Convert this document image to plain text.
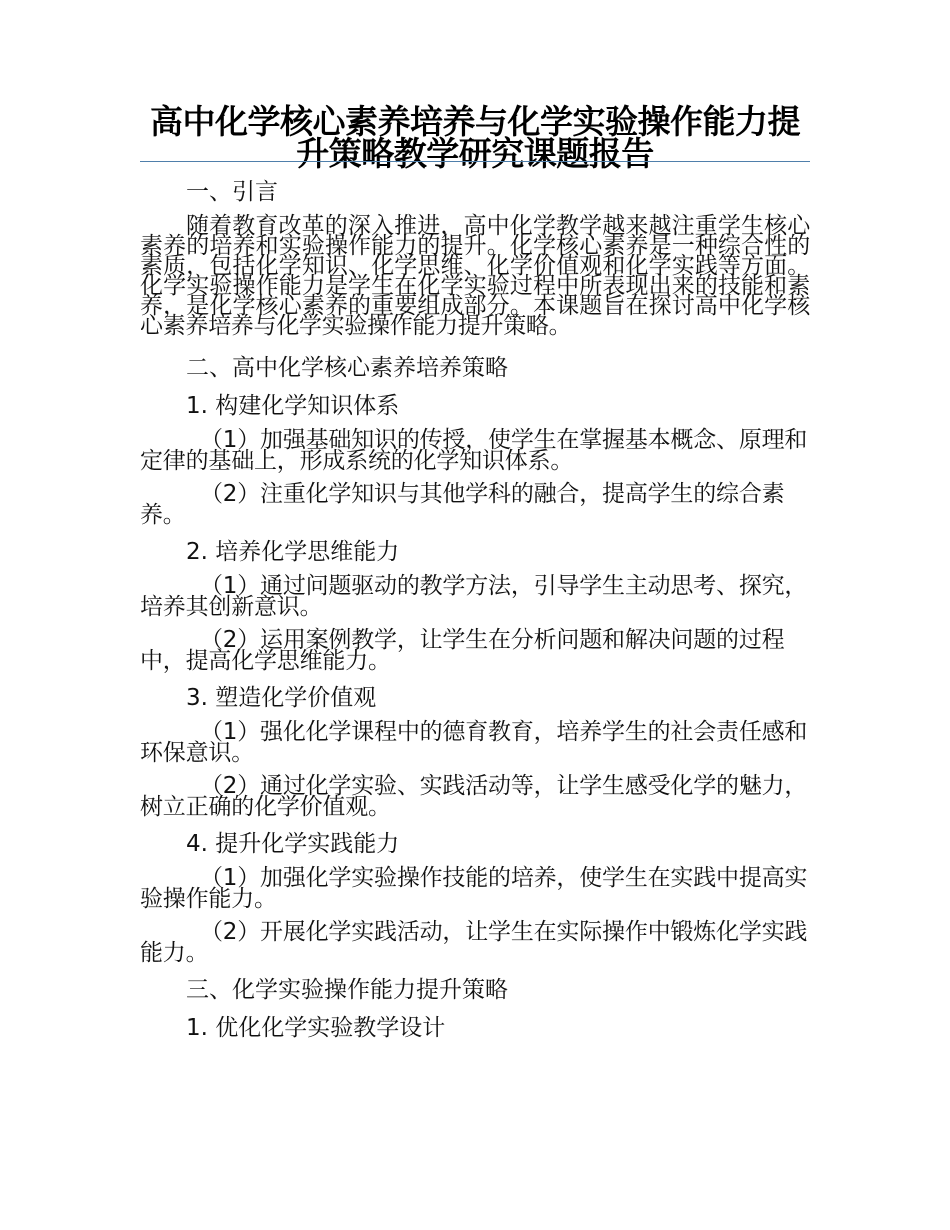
高中化学核心素养培养与化学实验操作能力提升策略教学研究课题报告
一、引言

随着教育改革的深入推进，高中化学教学越来越注重学生核心素养的培养和实验操作能力的提升。化学核心素养是一种综合性的素质，包括化学知识、化学思维、化学价值观和化学实践等方面。化学实验操作能力是学生在化学实验过程中所表现出来的技能和素养，是化学核心素养的重要组成部分。本课题旨在探讨高中化学核心素养培养与化学实验操作能力提升策略。

二、高中化学核心素养培养策略
1. 构建化学知识体系

（1）加强基础知识的传授，使学生在掌握基本概念、原理和定律的基础上，形成系统的化学知识体系。

（2）注重化学知识与其他学科的融合，提高学生的综合素养。

2. 培养化学思维能力

（1）通过问题驱动的教学方法，引导学生主动思考、探究，培养其创新意识。

（2）运用案例教学，让学生在分析问题和解决问题的过程中，提高化学思维能力。

3. 塑造化学价值观

（1）强化化学课程中的德育教育，培养学生的社会责任感和环保意识。

（2）通过化学实验、实践活动等，让学生感受化学的魅力，树立正确的化学价值观。

4. 提升化学实践能力

（1）加强化学实验操作技能的培养，使学生在实践中提高实验操作能力。

（2）开展化学实践活动，让学生在实际操作中锻炼化学实践能力。

三、化学实验操作能力提升策略
1. 优化化学实验教学设计
